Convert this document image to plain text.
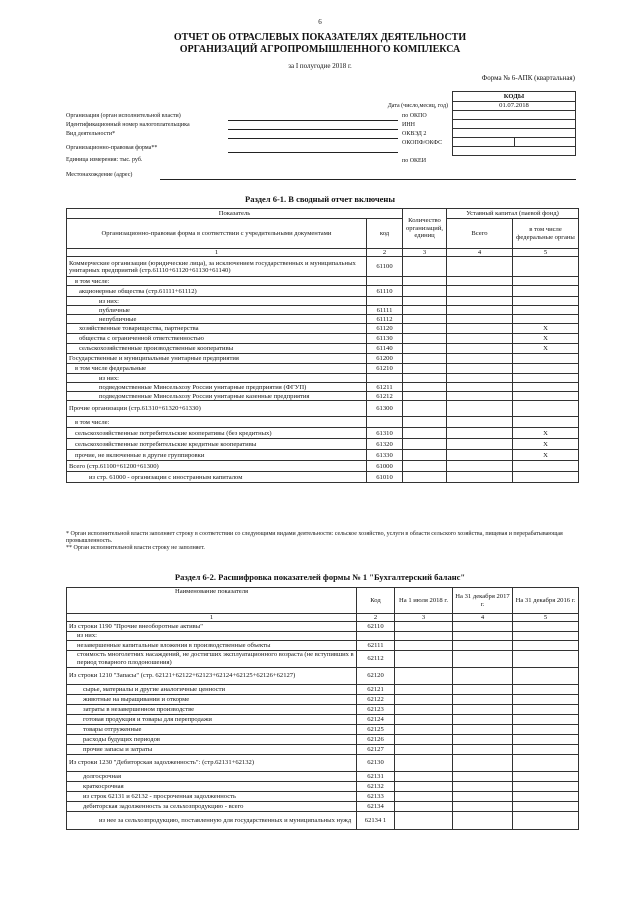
6
ОТЧЕТ ОБ ОТРАСЛЕВЫХ ПОКАЗАТЕЛЯХ ДЕЯТЕЛЬНОСТИ
ОРГАНИЗАЦИЙ АГРОПРОМЫШЛЕННОГО КОМПЛЕКСА
за I полугодие 2018 г.
Форма № 6-АПК (квартальная)
КОДЫ
01.07.2018

Дата (число,месяц, год)
по ОКПО
ИНН
ОКВЭД 2
ОКОПФ/ОКФС
по ОКЕИ
Организация (орган исполнительной власти)
Идентификационный номер налогоплательщика
Вид деятельности*
Организационно-правовая форма**
Единица измерения: тыс. руб.
Местонахождение (адрес)
Раздел 6-1. В сводный отчет включены
Показатель		Количество организаций, единиц	Уставный капитал (паевой фонд)	
Организационно-правовая форма в соответствии с учредительными документами	код		Всего	в том числе федеральные органы
1	2	3	4	5
Коммерческие организации (юридические лица), за исключением государственных и муниципальных унитарных предприятий (стр.61110+61120+61130+61140)	61100			
в том числе:				
акционерные общества (стр.61111+61112)	61110			
из них:				
публичные	61111			
непубличные	61112			
хозяйственные товарищества, партнерства	61120			X
общества с ограниченной ответственностью	61130			X
сельскохозяйственные производственные кооперативы	61140			X
Государственные и муниципальные унитарные предприятия	61200			
в том числе федеральные	61210			
из них:				
подведомственные Минсельхозу России унитарные предприятия (ФГУП)	61211			
подведомственные Минсельхозу России унитарные казенные предприятия	61212			
Прочие организации (стр.61310+61320+61330)	61300			
в том числе:				
сельскохозяйственные потребительские кооперативы (без кредитных)	61310			X
сельскохозяйственные потребительские кредитные кооперативы	61320			X
прочие, не включенные в другие группировки	61330			X
Всего (стр.61100+61200+61300)	61000			
из стр. 61000 - организации с иностранным капиталом	61010			
* Орган исполнительной власти заполняет строку в соответствии со следующими видами деятельности: сельское хозяйство, услуги в области сельского хозяйства, пищевая и перерабатывающая промышленность.
** Орган исполнительной власти строку не заполняет.
Раздел 6-2. Расшифровка показателей формы № 1 "Бухгалтерский баланс"
Наименование показателя	Код	На 1 июля 2018 г.	На 31 декабря 2017 г.	На 31 декабря 2016 г.
1	2	3	4	5
Из строки 1190 "Прочие внеоборотные активы"	62110			
из них:				
незавершенные капитальные вложения в производственные объекты	62111			
стоимость многолетних насаждений, не достигших эксплуатационного возраста (не вступивших в период товарного плодоношения)	62112			
Из строки 1210 "Запасы" (стр. 62121+62122+62123+62124+62125+62126+62127)	62120			
сырье, материалы и другие аналогичные ценности	62121			
животные на выращивании и откорме	62122			
затраты в незавершенном производстве	62123			
готовая продукция и товары для перепродажи	62124			
товары отгруженные	62125			
расходы будущих периодов	62126			
прочие запасы и затраты	62127			
Из строки 1230 "Дебиторская задолженность": (стр.62131+62132)	62130			
долгосрочная	62131			
краткосрочная	62132			
из строк 62131 и 62132 - просроченная задолженность	62133			
дебиторская задолженность за сельхозпродукцию - всего	62134			
из нее за сельхозпродукцию, поставленную для государственных и муниципальных нужд	62134 1			
